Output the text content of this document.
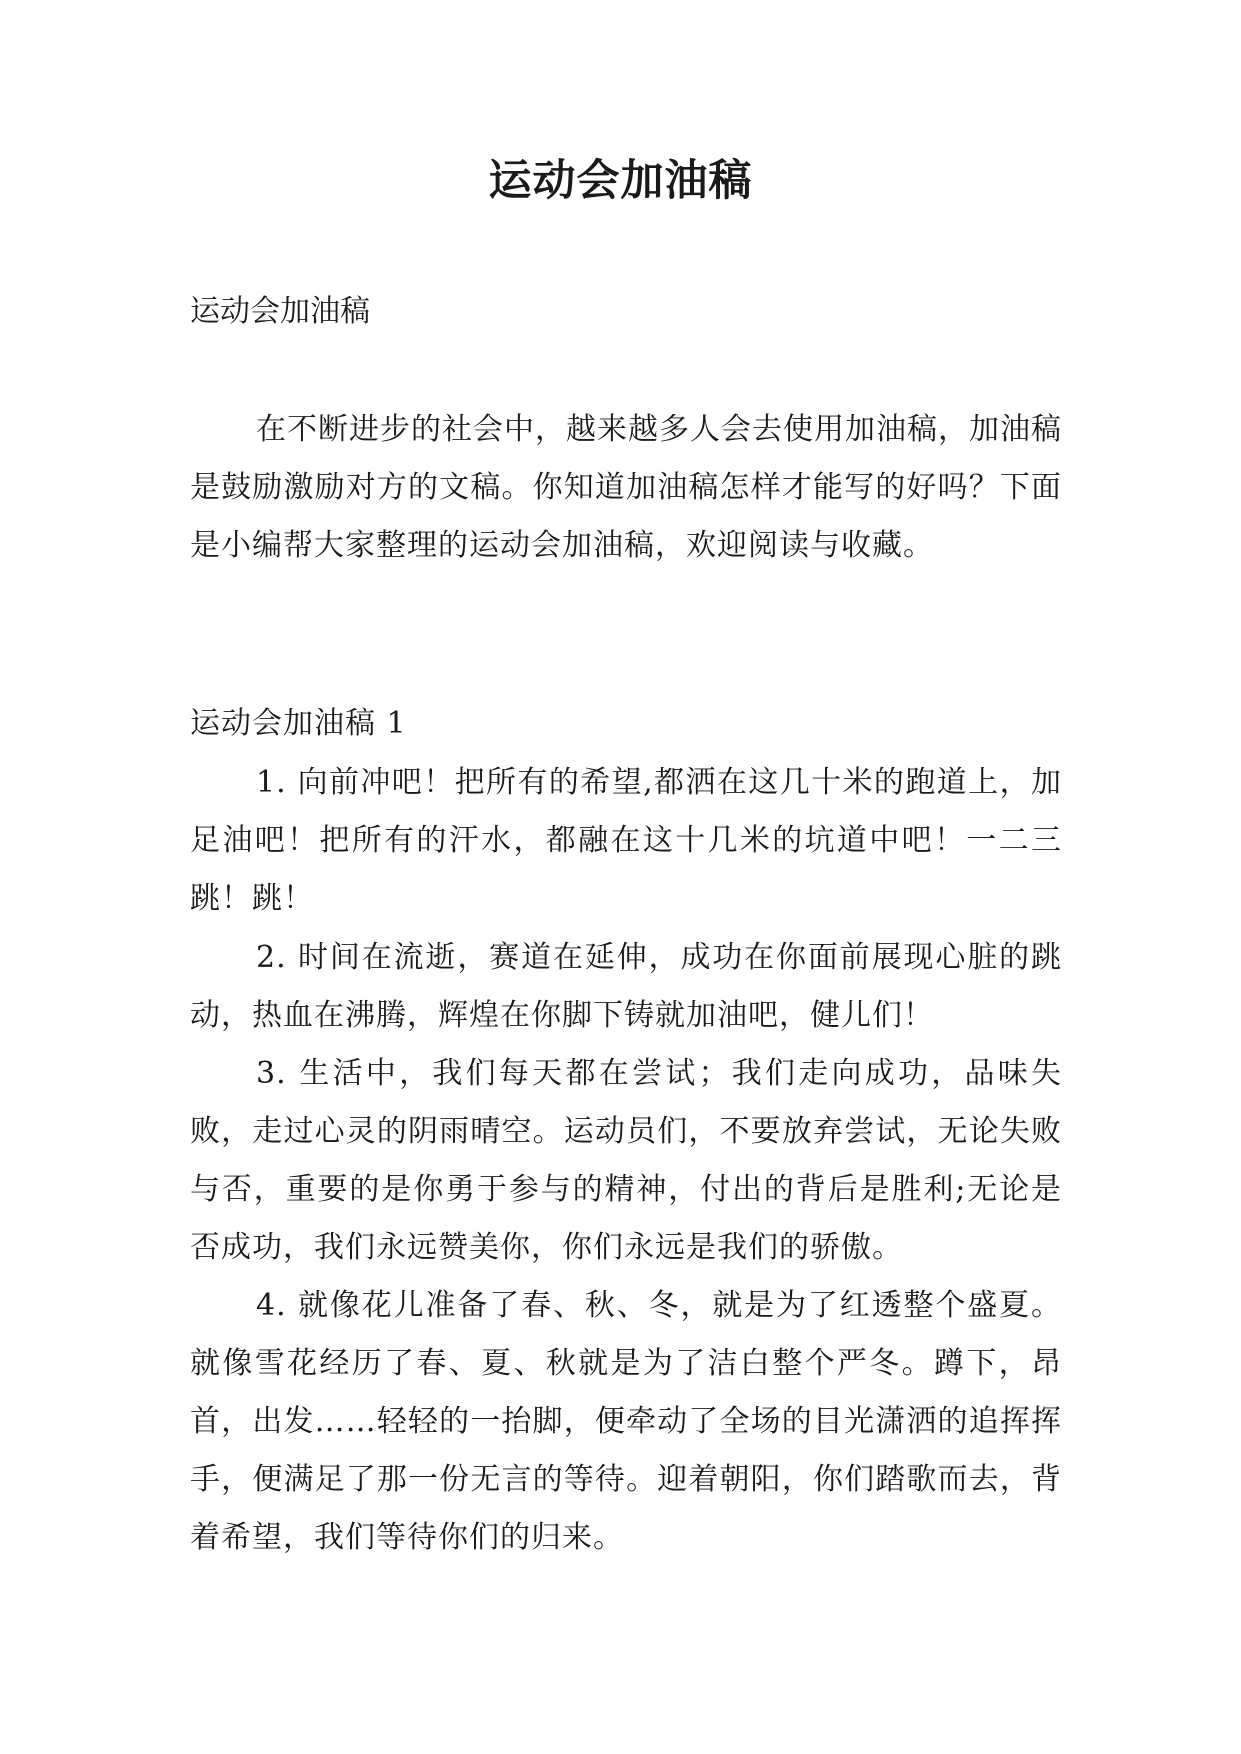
运动会加油稿

运动会加油稿

在不断进步的社会中，越来越多人会去使用加油稿，加油稿是鼓励激励对方的文稿。你知道加油稿怎样才能写的好吗？下面是小编帮大家整理的运动会加油稿，欢迎阅读与收藏。

运动会加油稿 1

1. 向前冲吧！把所有的希望,都洒在这几十米的跑道上，加足油吧！把所有的汗水，都融在这十几米的坑道中吧！一二三跳！跳！

2. 时间在流逝，赛道在延伸，成功在你面前展现心脏的跳动，热血在沸腾，辉煌在你脚下铸就加油吧，健儿们！

3. 生活中，我们每天都在尝试；我们走向成功，品味失败，走过心灵的阴雨晴空。运动员们，不要放弃尝试，无论失败与否，重要的是你勇于参与的精神，付出的背后是胜利;无论是否成功，我们永远赞美你，你们永远是我们的骄傲。

4. 就像花儿准备了春、秋、冬，就是为了红透整个盛夏。就像雪花经历了春、夏、秋就是为了洁白整个严冬。蹲下，昂首，出发……轻轻的一抬脚，便牵动了全场的目光潇洒的追挥挥手，便满足了那一份无言的等待。迎着朝阳，你们踏歌而去，背着希望，我们等待你们的归来。
